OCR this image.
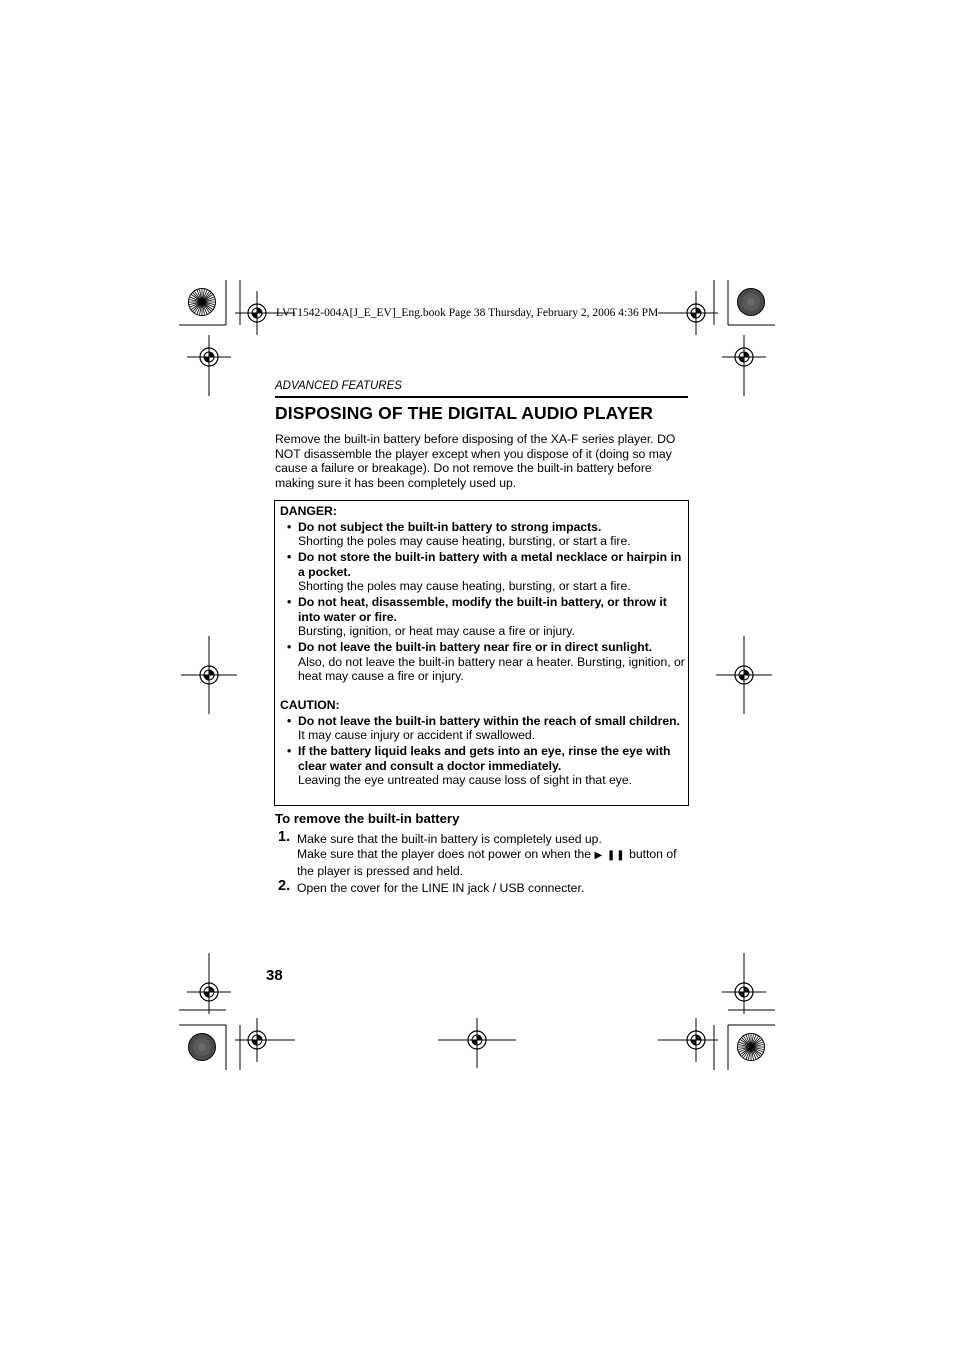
LVT1542-004A[J_E_EV]_Eng.book Page 38 Thursday, February 2, 2006 4:36 PM
ADVANCED FEATURES
DISPOSING OF THE DIGITAL AUDIO PLAYER

Remove the built-in battery before disposing of the XA-F series player. DO NOT disassemble the player except when you dispose of it (doing so may cause a failure or breakage). Do not remove the built-in battery before making sure it has been completely used up.

DANGER:

• Do not subject the built-in battery to strong impacts.
Shorting the poles may cause heating, bursting, or start a fire.
• Do not store the built-in battery with a metal necklace or hairpin in a pocket.
Shorting the poles may cause heating, bursting, or start a fire.
• Do not heat, disassemble, modify the built-in battery, or throw it into water or fire.
Bursting, ignition, or heat may cause a fire or injury.
• Do not leave the built-in battery near fire or in direct sunlight.
Also, do not leave the built-in battery near a heater. Bursting, ignition, or heat may cause a fire or injury.

CAUTION:

• Do not leave the built-in battery within the reach of small children.
It may cause injury or accident if swallowed.
• If the battery liquid leaks and gets into an eye, rinse the eye with clear water and consult a doctor immediately.
Leaving the eye untreated may cause loss of sight in that eye.
To remove the built-in battery
1. Make sure that the built-in battery is completely used up.
Make sure that the player does not power on when the ▶ ❚❚ button of the player is pressed and held.
2. Open the cover for the LINE IN jack / USB connecter.
38
